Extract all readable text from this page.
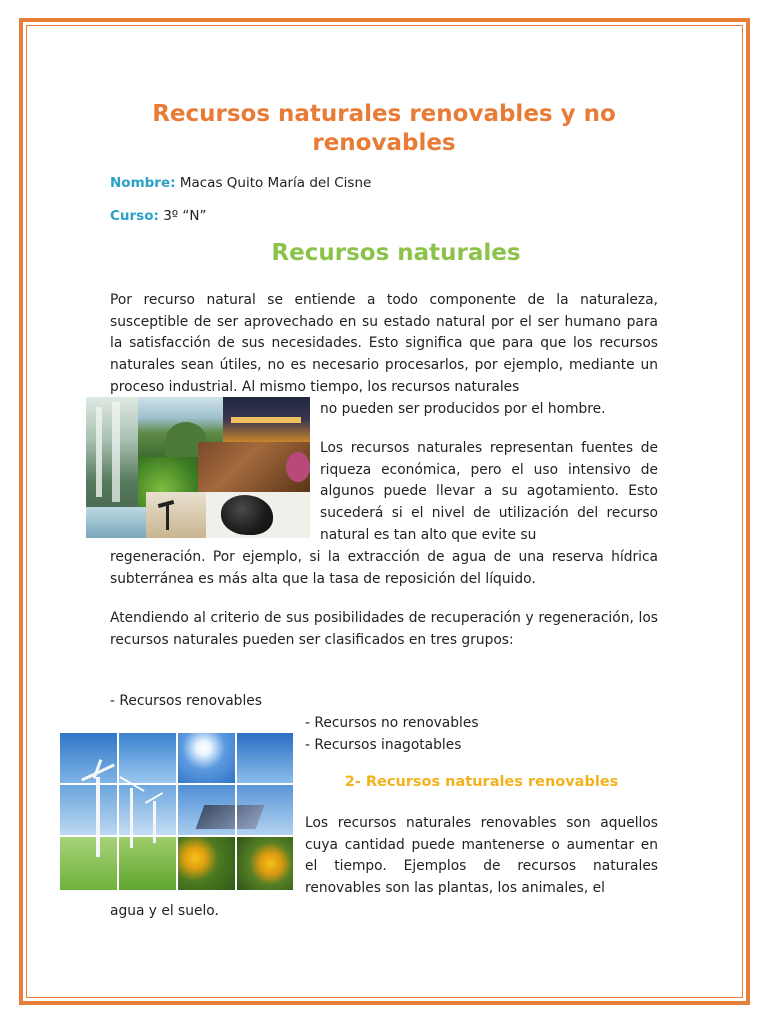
Recursos naturales renovables y no renovables
Nombre: Macas Quito María del Cisne
Curso: 3º “N”
Recursos naturales

Por recurso natural se entiende a todo componente de la naturaleza, susceptible de ser aprovechado en su estado natural por el ser humano para la satisfacción de sus necesidades. Esto significa que para que los recursos naturales sean útiles, no es necesario procesarlos, por ejemplo, mediante un proceso industrial. Al mismo tiempo, los recursos naturales

no pueden ser producidos por el hombre.

Los recursos naturales representan fuentes de riqueza económica, pero el uso intensivo de algunos puede llevar a su agotamiento. Esto sucederá si el nivel de utilización del recurso natural es tan alto que evite su

regeneración. Por ejemplo, si la extracción de agua de una reserva hídrica subterránea es más alta que la tasa de reposición del líquido.

Atendiendo al criterio de sus posibilidades de recuperación y regeneración, los recursos naturales pueden ser clasificados en tres grupos:

- Recursos renovables
- Recursos no renovables
- Recursos inagotables
2- Recursos naturales renovables

Los recursos naturales renovables son aquellos cuya cantidad puede mantenerse o aumentar en el tiempo. Ejemplos de recursos naturales renovables son las plantas, los animales, el

agua y el suelo.
